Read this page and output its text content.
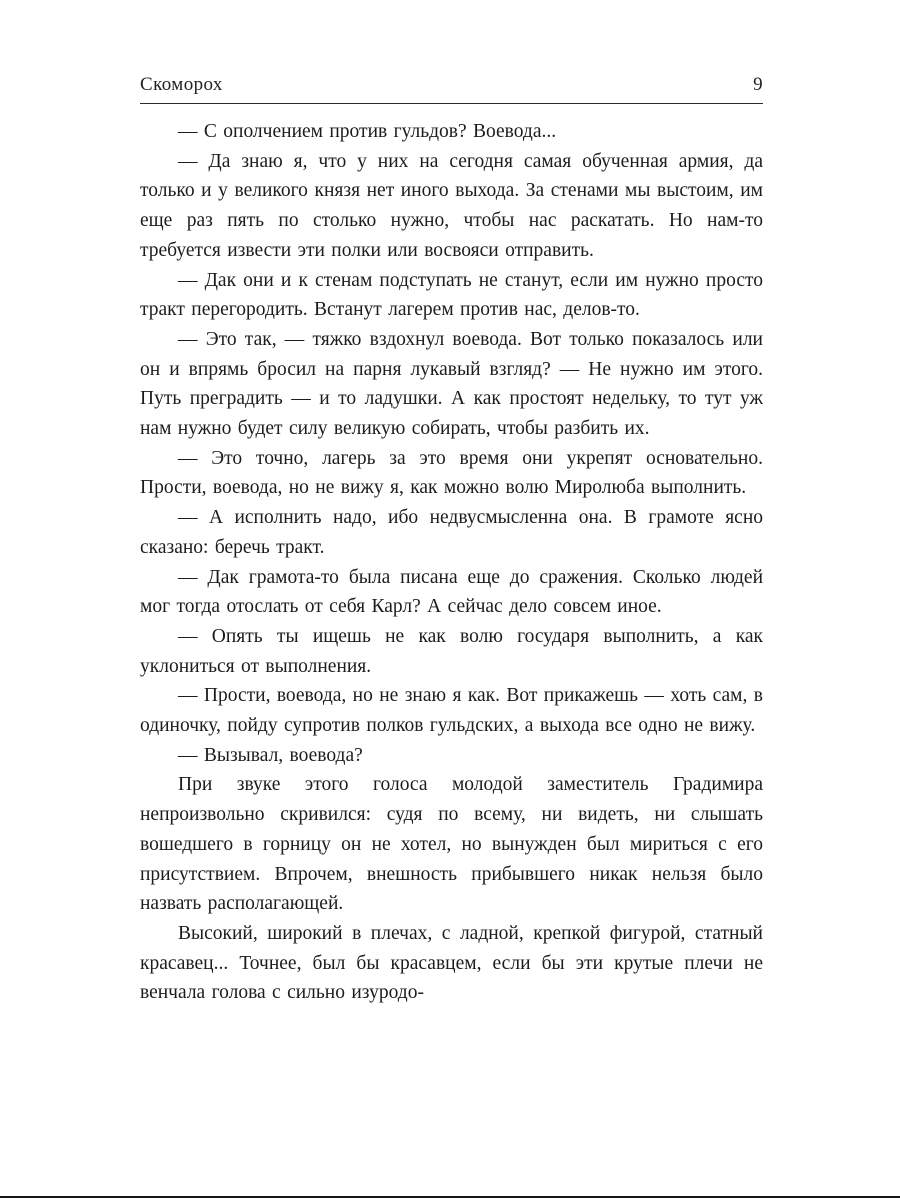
Скоморох	9

— С ополчением против гульдов? Воевода...

— Да знаю я, что у них на сегодня самая обученная армия, да только и у великого князя нет иного выхода. За стенами мы выстоим, им еще раз пять по столько нужно, чтобы нас раскатать. Но нам-то требуется извести эти полки или восвояси отправить.

— Дак они и к стенам подступать не станут, если им нужно просто тракт перегородить. Встанут лагерем против нас, делов-то.

— Это так, — тяжко вздохнул воевода. Вот только показалось или он и впрямь бросил на парня лукавый взгляд? — Не нужно им этого. Путь преградить — и то ладушки. А как простоят недельку, то тут уж нам нужно будет силу великую собирать, чтобы разбить их.

— Это точно, лагерь за это время они укрепят основательно. Прости, воевода, но не вижу я, как можно волю Миролюба выполнить.

— А исполнить надо, ибо недвусмысленна она. В грамоте ясно сказано: беречь тракт.

— Дак грамота-то была писана еще до сражения. Сколько людей мог тогда отослать от себя Карл? А сейчас дело совсем иное.

— Опять ты ищешь не как волю государя выполнить, а как уклониться от выполнения.

— Прости, воевода, но не знаю я как. Вот прикажешь — хоть сам, в одиночку, пойду супротив полков гульдских, а выхода все одно не вижу.

— Вызывал, воевода?

При звуке этого голоса молодой заместитель Градимира непроизвольно скривился: судя по всему, ни видеть, ни слышать вошедшего в горницу он не хотел, но вынужден был мириться с его присутствием. Впрочем, внешность прибывшего никак нельзя было назвать располагающей.

Высокий, широкий в плечах, с ладной, крепкой фигурой, статный красавец... Точнее, был бы красавцем, если бы эти крутые плечи не венчала голова с сильно изуродо-
